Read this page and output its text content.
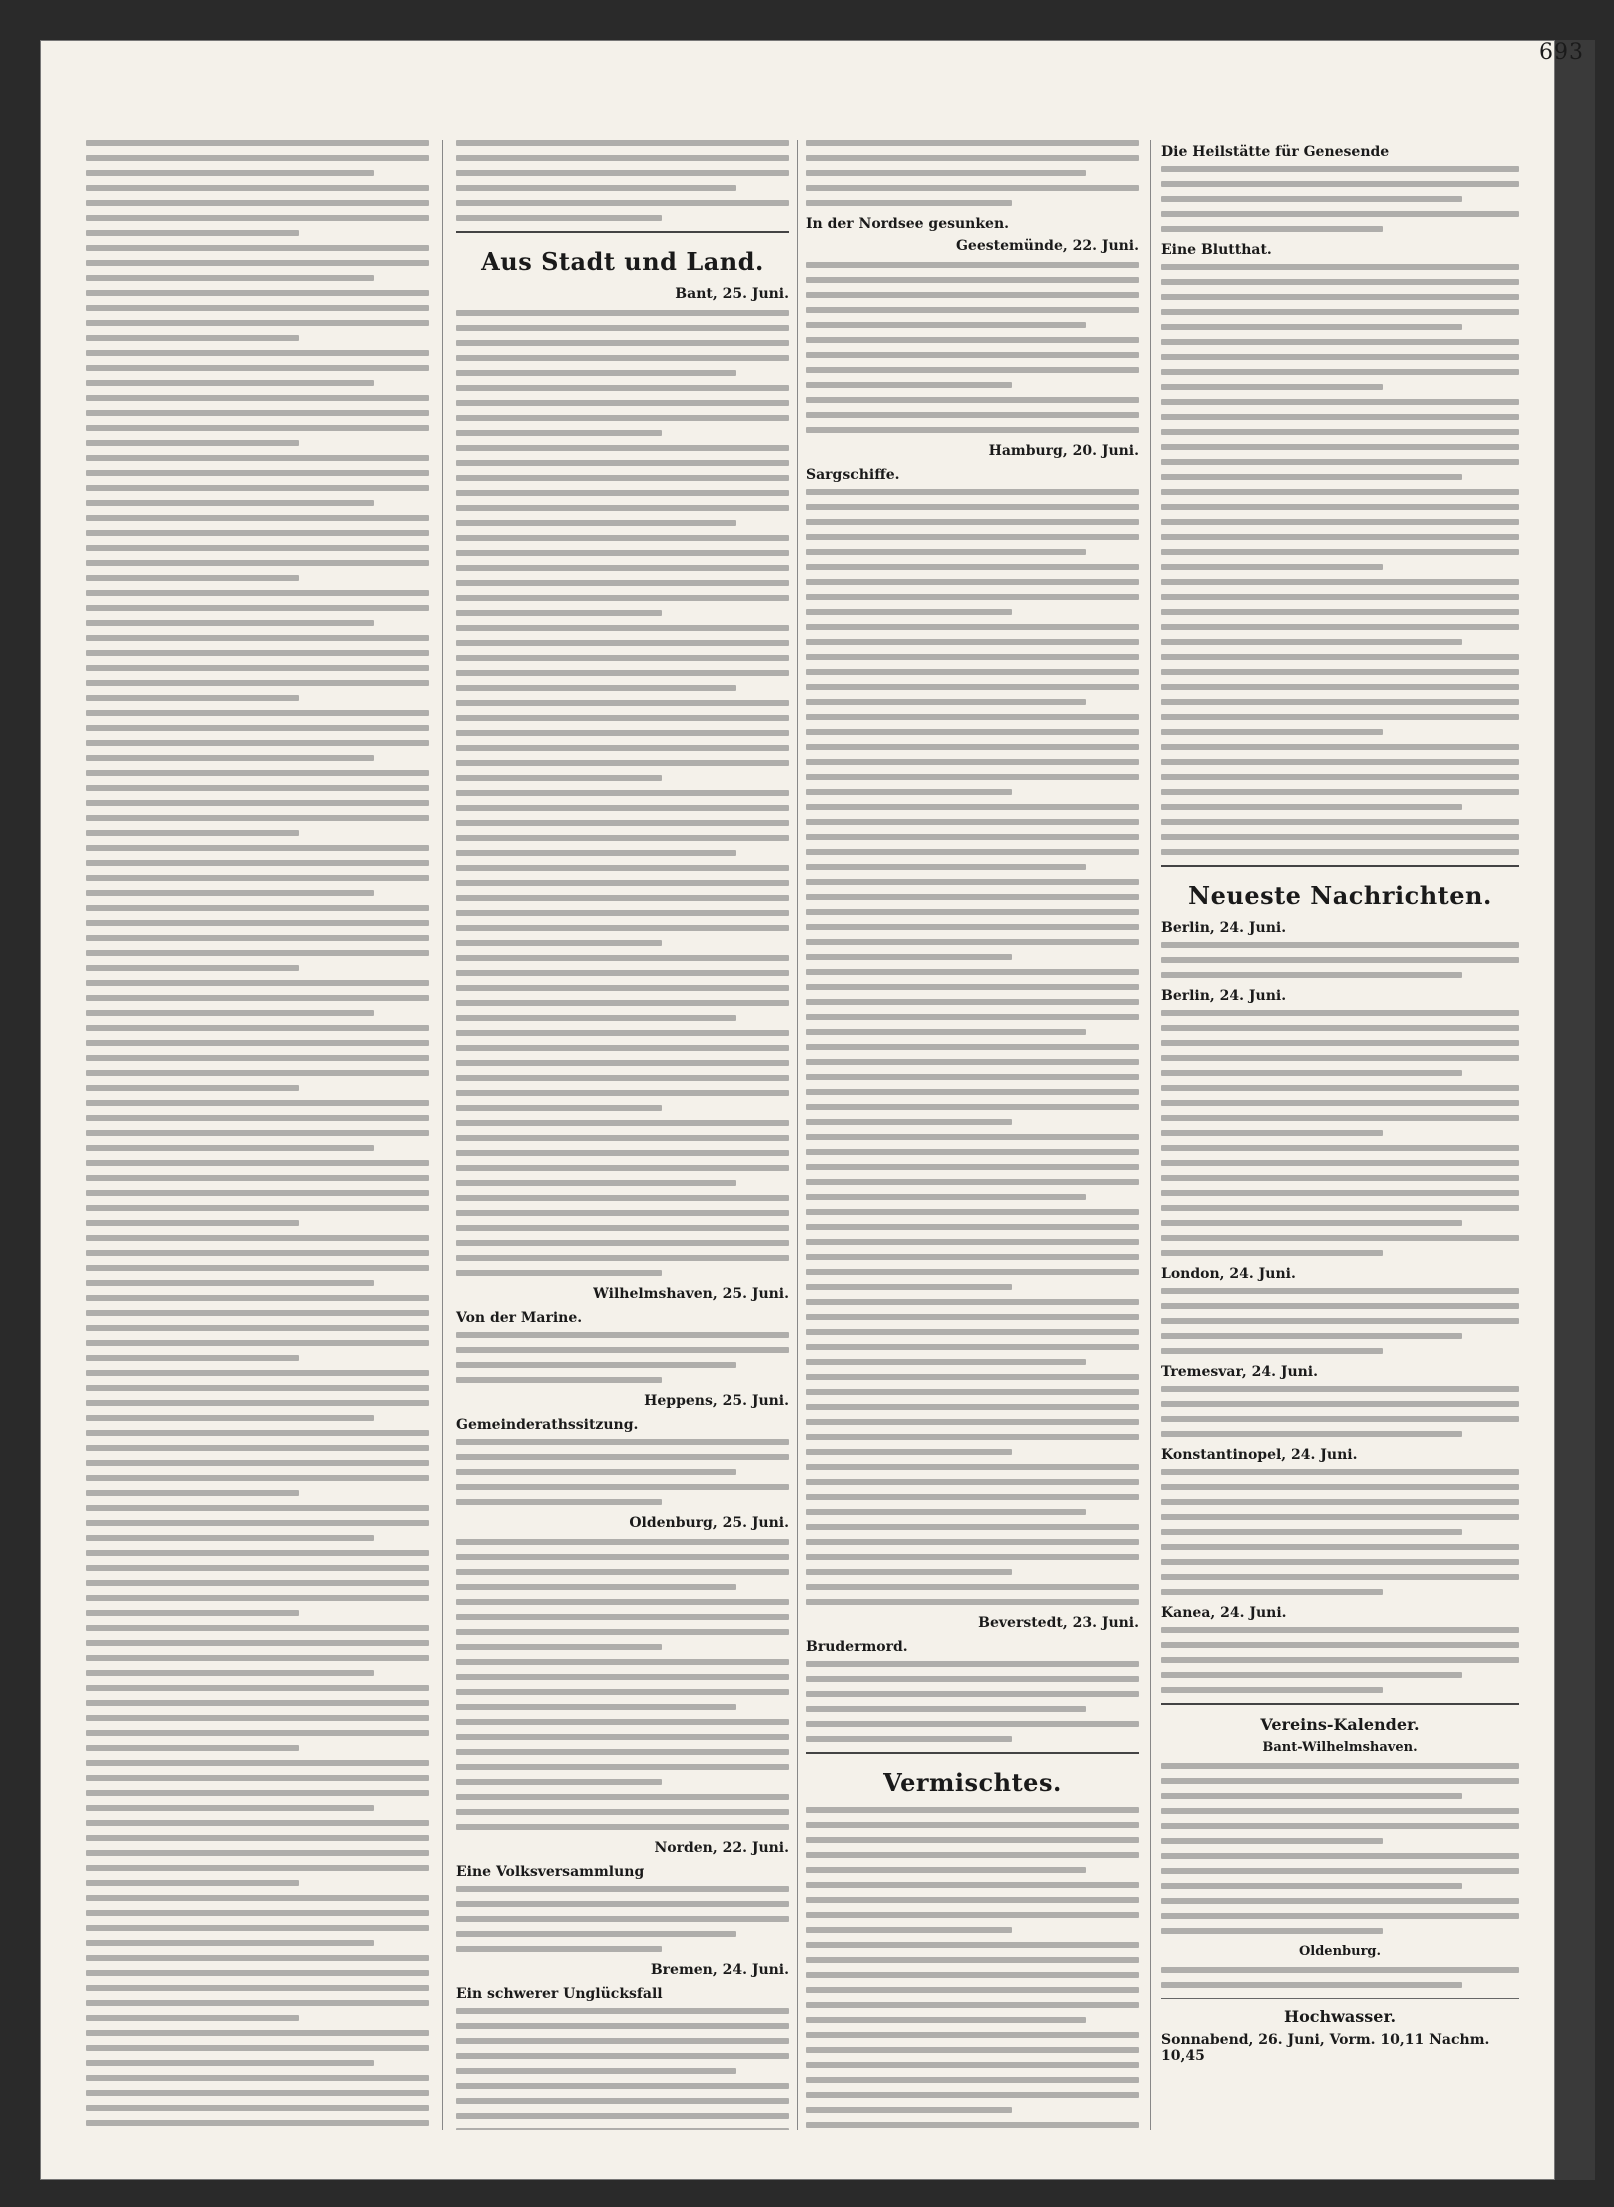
693
Aus Stadt und Land.
Bant, 25. Juni.
Wilhelmshaven, 25. Juni.
Von der Marine.
Heppens, 25. Juni.
Gemeinderathssitzung.
Oldenburg, 25. Juni.
Norden, 22. Juni.
Eine Volksversammlung
Bremen, 24. Juni.
Ein schwerer Unglücksfall
In der Nordsee gesunken.
Geestemünde, 22. Juni.
Hamburg, 20. Juni.
Sargschiffe.
Beverstedt, 23. Juni.
Brudermord.
Vermischtes.
Die Heilstätte für Genesende
Eine Blutthat.
Neueste Nachrichten.
Berlin, 24. Juni.
Berlin, 24. Juni.
London, 24. Juni.
Tremesvar, 24. Juni.
Konstantinopel, 24. Juni.
Kanea, 24. Juni.
Vereins-Kalender.
Bant-Wilhelmshaven.
Oldenburg.
Hochwasser.
Sonnabend, 26. Juni, Vorm. 10,11 Nachm. 10,45
